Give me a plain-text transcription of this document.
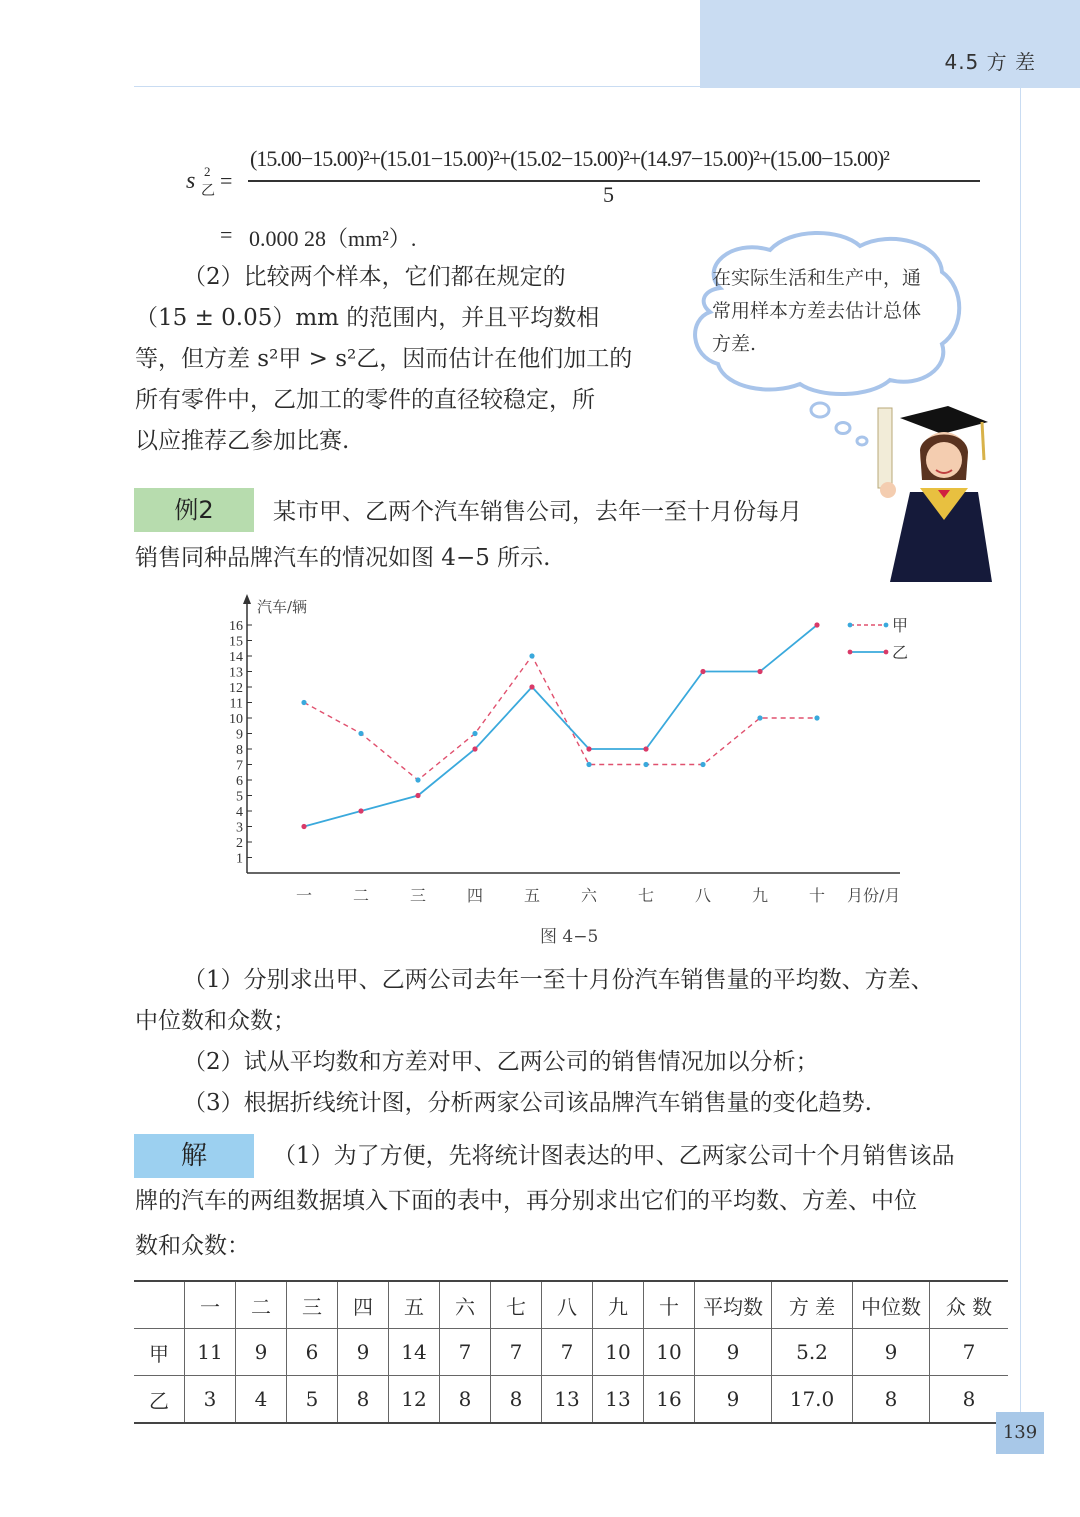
4.5 方 差
s 2
乙 =
(15.00−15.00)²+(15.01−15.00)²+(15.02−15.00)²+(14.97−15.00)²+(15.00−15.00)²
5
= 0.000 28（mm²）.
（2）比较两个样本，它们都在规定的
（15 ± 0.05）mm 的范围内，并且平均数相
等，但方差 s²甲 > s²乙，因而估计在他们加工的
所有零件中，乙加工的零件的直径较稳定，所
以应推荐乙参加比赛.
在实际生活和生产中，通常用样本方差去估计总体方差.
例2	某市甲、乙两个汽车销售公司，去年一至十月份每月
销售同种品牌汽车的情况如图 4−5 所示.
1
2
3
4
5
6
7
8
9
10
11
12
13
14
15
16
汽车/辆
一	二	三	四	五	六	七	八	九	十 月份/月
甲
乙
图 4−5
（1）分别求出甲、乙两公司去年一至十月份汽车销售量的平均数、方差、
中位数和众数；
（2）试从平均数和方差对甲、乙两公司的销售情况加以分析；
（3）根据折线统计图，分析两家公司该品牌汽车销售量的变化趋势.
解	（1）为了方便，先将统计图表达的甲、乙两家公司十个月销售该品
牌的汽车的两组数据填入下面的表中，再分别求出它们的平均数、方差、中位
数和众数：
	一	二	三	四	五	六	七	八	九	十	平均数	方 差	中位数	众 数
甲	11	9	6	9	14	7	7	7	10	10	9	5.2	9	7
乙	3	4	5	8	12	8	8	13	13	16	9	17.0	8	8
139
